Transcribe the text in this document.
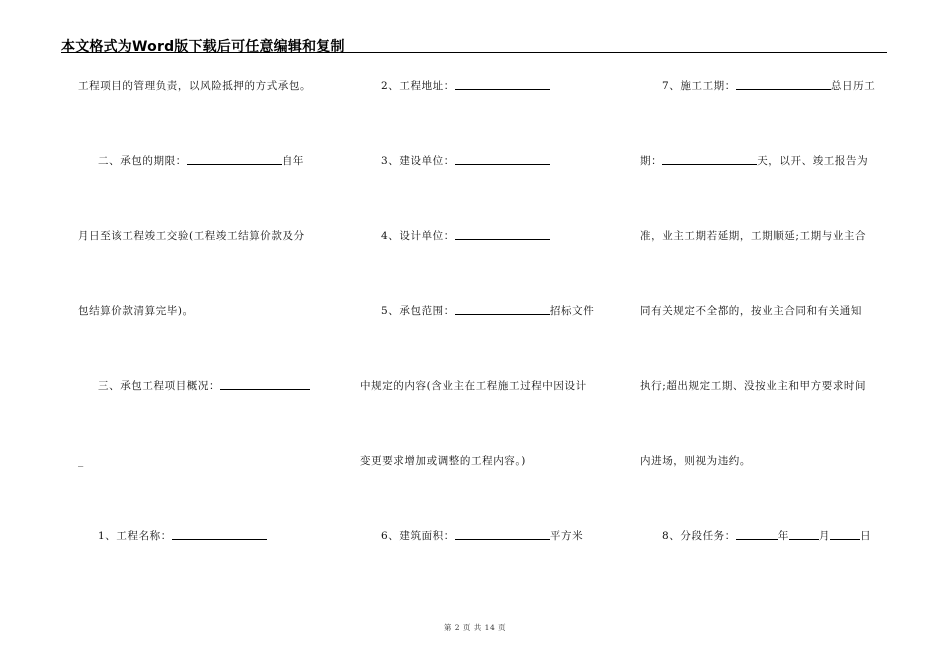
本文格式为Word版下载后可任意编辑和复制
工程项目的管理负责，以风险抵押的方式承包。
二、承包的期限：	自年
月日至该工程竣工交验(工程竣工结算价款及分
包结算价款清算完毕)。
三、承包工程项目概况：
_
1、工程名称：
2、工程地址：
3、建设单位：
4、设计单位：
5、承包范围：	招标文件
中规定的内容(含业主在工程施工过程中因设计
变更要求增加或调整的工程内容。)
6、建筑面积：	平方米
7、施工工期：	总日历工
期：	天，以开、竣工报告为
准，业主工期若延期，工期顺延;工期与业主合
同有关规定不全都的，按业主合同和有关通知
执行;超出规定工期、没按业主和甲方要求时间
内进场，则视为违约。
8、分段任务：	年	月	日
第 2 页 共 14 页
